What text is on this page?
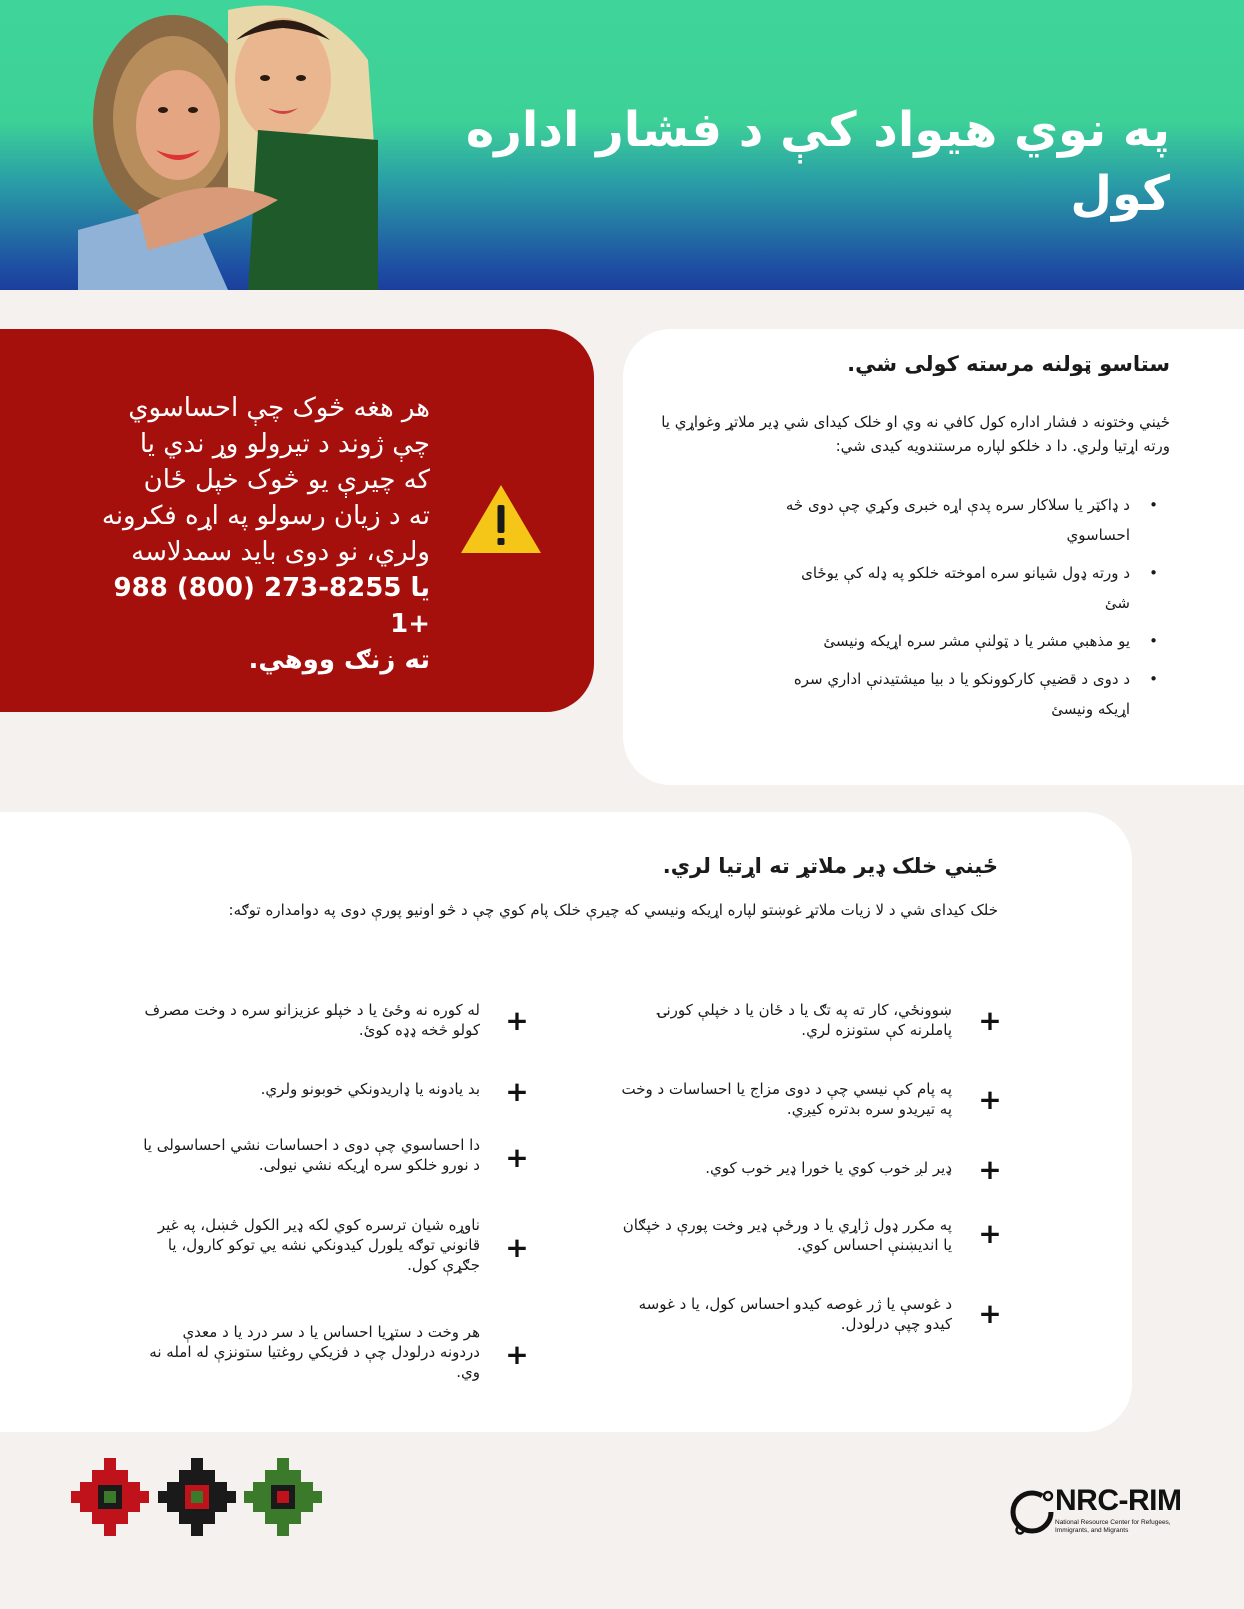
په نوي هیواد کې د فشار اداره کول
هر هغه څوک چې احساسوي
چې ژوند د تیرولو وړ ندي یا
که چیرې یو څوک خپل ځان
ته د زیان رسولو په اړه فکرونه
ولري، نو دوی باید سمدلاسه
988 یا 8255-273 (800) 1+
ته زنګ ووهي.
ستاسو ټولنه مرسته کولی شي.
ځیني وختونه د فشار اداره کول کافي نه وي او خلک کیدای شي ډیر ملاتړ وغواړي یا ورته اړتیا ولري. دا د خلکو لپاره مرستندویه کیدی شي:
• د ډاکټر یا سلاکار سره پدې اړه خبری وکړي چې دوی څه احساسوي
• د ورته ډول شیانو سره اموخته خلکو په ډله کې یوځای شئ
• یو مذهبي مشر یا د ټولنې مشر سره اړیکه ونیسئ
• د دوی د قضیې کارکوونکو یا د بیا میشتیدنې اداري سره اړیکه ونیسئ
ځیني خلک ډیر ملاتړ ته اړتیا لري.
خلک کیدای شي د لا زیات ملاتړ غوښتو لپاره اړیکه ونیسي که چیرې خلک پام کوي چې د څو اونیو پورې دوی په دوامداره توګه:
+
ښوونځي، کار ته په تګ یا د ځان یا د خپلې کورنۍ پاملرنه کې ستونزه لري.
+
په پام کې نیسي چې د دوی مزاج یا احساسات د وخت په تیریدو سره بدتره کیږي.
+
ډیر لږ خوب کوي یا خورا ډیر خوب کوي.
+
په مکرر ډول ژاړي یا د ورځې ډیر وخت پورې د خپګان یا اندیښنې احساس کوي.
+
د غوسې یا ژر غوصه کیدو احساس کول، یا د غوسه کیدو چپې درلودل.
+
له کوره نه وځئ یا د خپلو عزیزانو سره د وخت مصرف کولو څخه ډډه کوئ.
+
بد یادونه یا ډاریدونکي خوبونو ولري.
+
دا احساسوي چې دوی د احساسات نشي احساسولی یا د نورو خلکو سره اړیکه نشي نیولی.
+
ناوړه شیان ترسره کوي لکه ډیر الکول څښل، په غیر قانوني توګه یلورل کیدونکي نشه يي توکو کارول، یا جګړې کول.
+
هر وخت د ستړیا احساس یا د سر درد یا د معدې دردونه درلودل چې د فزیکي روغتیا ستونزې له امله نه وي.
NRC-RIM
National Resource Center for Refugees, Immigrants, and Migrants
